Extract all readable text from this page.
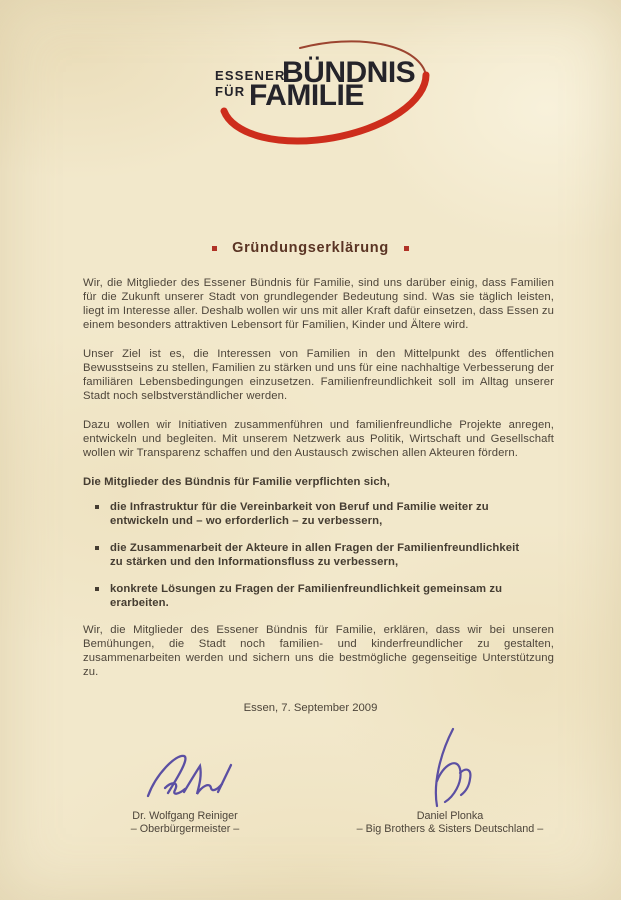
ESSENER
BÜNDNIS
FÜR FAMILIE
Gründungserklärung

Wir, die Mitglieder des Essener Bündnis für Familie, sind uns darüber einig, dass Familien für die Zukunft unserer Stadt von grundlegender Bedeutung sind. Was sie täglich leisten, liegt im Interesse aller. Deshalb wollen wir uns mit aller Kraft dafür einsetzen, dass Essen zu einem besonders attraktiven Lebensort für Familien, Kinder und Ältere wird.

Unser Ziel ist es, die Interessen von Familien in den Mittelpunkt des öffentlichen Bewusstseins zu stellen, Familien zu stärken und uns für eine nachhaltige Verbesserung der familiären Lebensbedingungen einzusetzen. Familienfreundlichkeit soll im Alltag unserer Stadt noch selbstverständlicher werden.

Dazu wollen wir Initiativen zusammenführen und familienfreundliche Projekte anregen, entwickeln und begleiten. Mit unserem Netzwerk aus Politik, Wirtschaft und Gesellschaft wollen wir Transparenz schaffen und den Austausch zwischen allen Akteuren fördern.

Die Mitglieder des Bündnis für Familie verpflichten sich,

die Infrastruktur für die Vereinbarkeit von Beruf und Familie weiter zu entwickeln und – wo erforderlich – zu verbessern,
die Zusammenarbeit der Akteure in allen Fragen der Familienfreundlichkeit zu stärken und den Informationsfluss zu verbessern,
konkrete Lösungen zu Fragen der Familienfreundlichkeit gemeinsam zu erarbeiten.

Wir, die Mitglieder des Essener Bündnis für Familie, erklären, dass wir bei unseren Bemühungen, die Stadt noch familien- und kinderfreundlicher zu gestalten, zusammenarbeiten werden und sichern uns die bestmögliche gegenseitige Unterstützung zu.

Essen, 7. September 2009
Dr. Wolfgang Reiniger
– Oberbürgermeister –
Daniel Plonka
– Big Brothers & Sisters Deutschland –
